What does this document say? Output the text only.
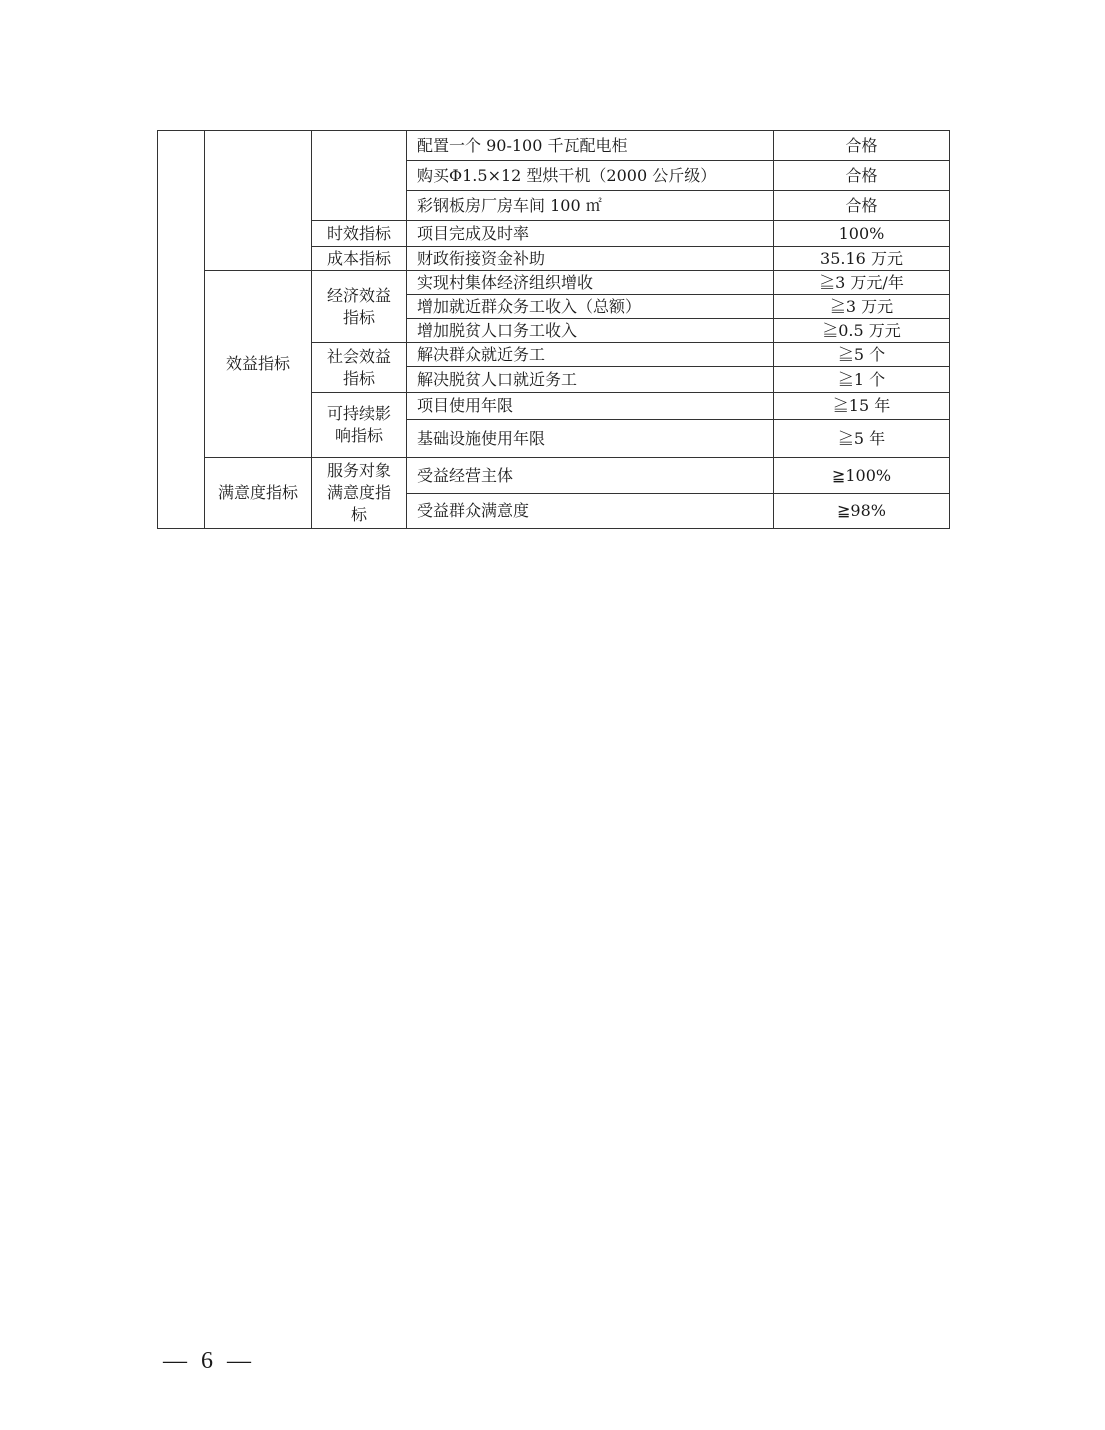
			配置一个 90-100 千瓦配电柜	合格
			购买Φ1.5×12 型烘干机（2000 公斤级）	合格
			彩钢板房厂房车间 100 ㎡	合格
		时效指标	项目完成及时率	100%
		成本指标	财政衔接资金补助	35.16 万元

	效益指标	经济效益指标	实现村集体经济组织增收	≧3 万元/年
			增加就近群众务工收入（总额）	≧3 万元
			增加脱贫人口务工收入	≧0.5 万元

		社会效益指标	解决群众就近务工	≧5 个
			解决脱贫人口就近务工	≧1 个

		可持续影响指标	项目使用年限	≧15 年
			基础设施使用年限	≧5 年

	满意度指标	服务对象满意度指标	受益经营主体	≧100%
			受益群众满意度	≧98%
— 6 —
